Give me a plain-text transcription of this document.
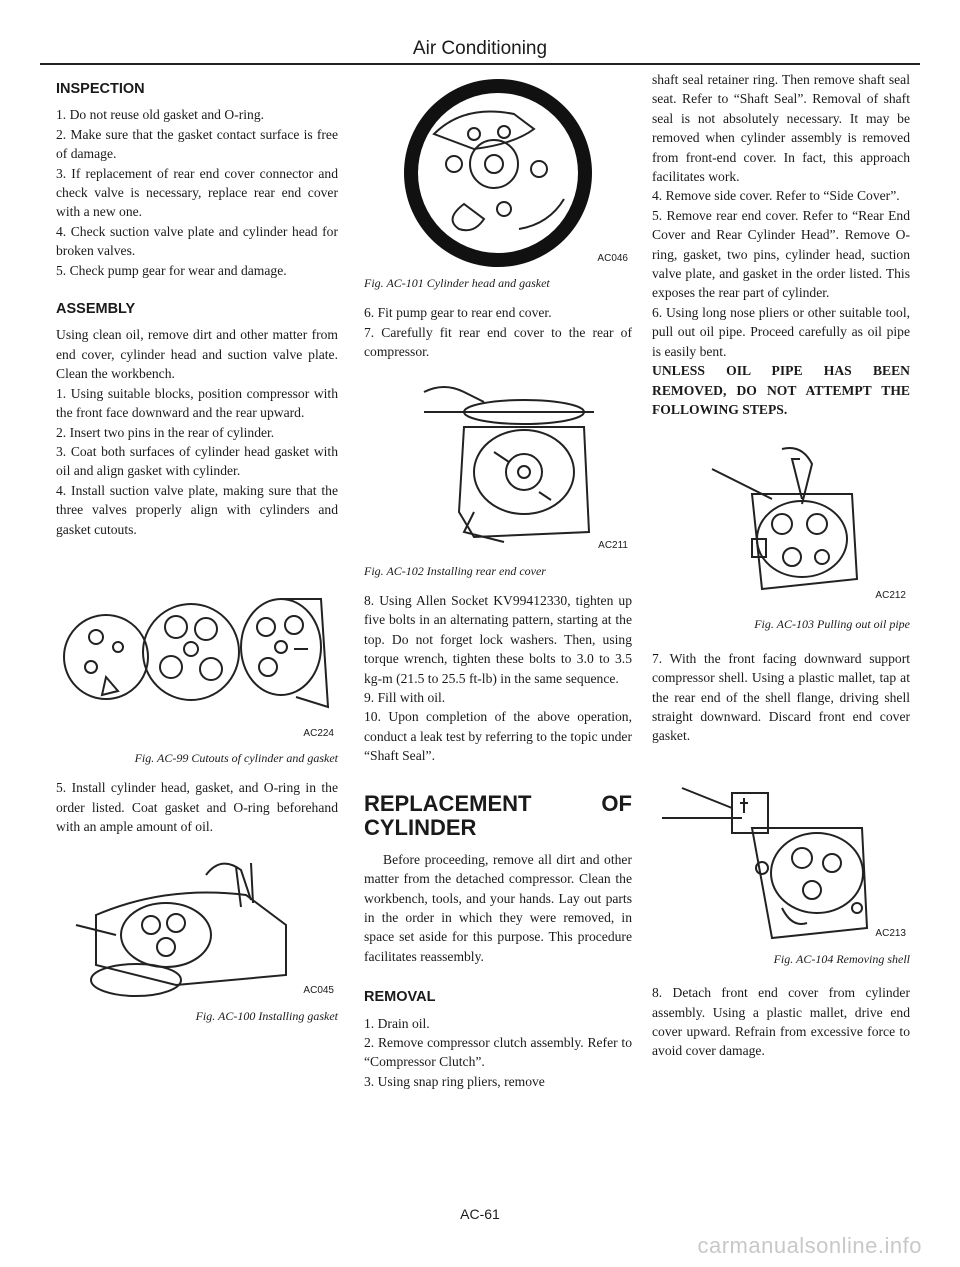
Air Conditioning
INSPECTION

1. Do not reuse old gasket and O-ring.

2. Make sure that the gasket contact surface is free of damage.

3. If replacement of rear end cover connector and check valve is necessary, replace rear end cover with a new one.

4. Check suction valve plate and cylinder head for broken valves.

5. Check pump gear for wear and damage.

ASSEMBLY

Using clean oil, remove dirt and other matter from end cover, cylinder head and suction valve plate. Clean the workbench.

1. Using suitable blocks, position compressor with the front face downward and the rear upward.

2. Insert two pins in the rear of cylinder.

3. Coat both surfaces of cylinder head gasket with oil and align gasket with cylinder.

4. Install suction valve plate, making sure that the three valves properly align with cylinders and gasket cutouts.

AC224
Fig. AC-99 Cutouts of cylinder and gasket

5. Install cylinder head, gasket, and O-ring in the order listed. Coat gasket and O-ring beforehand with an ample amount of oil.

AC045
Fig. AC-100 Installing gasket
AC046
Fig. AC-101 Cylinder head and gasket

6. Fit pump gear to rear end cover.

7. Carefully fit rear end cover to the rear of compressor.

AC211
Fig. AC-102 Installing rear end cover

8. Using Allen Socket KV99412330, tighten up five bolts in an alternating pattern, starting at the top. Do not forget lock washers. Then, using torque wrench, tighten these bolts to 3.0 to 3.5 kg-m (21.5 to 25.5 ft-lb) in the same sequence.

9. Fill with oil.

10. Upon completion of the above operation, conduct a leak test by referring to the topic under “Shaft Seal”.

REPLACEMENT OF CYLINDER

Before proceeding, remove all dirt and other matter from the detached compressor. Clean the workbench, tools, and your hands. Lay out parts in the order in which they were removed, in space set aside for this purpose. This procedure facilitates reassembly.

REMOVAL

1. Drain oil.

2. Remove compressor clutch assembly. Refer to “Compressor Clutch”.

3. Using snap ring pliers, remove

shaft seal retainer ring. Then remove shaft seal seat. Refer to “Shaft Seal”. Removal of shaft seal is not absolutely necessary. It may be removed when cylinder assembly is removed from front-end cover. In fact, this approach facilitates work.

4. Remove side cover. Refer to “Side Cover”.

5. Remove rear end cover. Refer to “Rear End Cover and Rear Cylinder Head”. Remove O-ring, gasket, two pins, cylinder head, suction valve plate, and gasket in the order listed. This exposes the rear part of cylinder.

6. Using long nose pliers or other suitable tool, pull out oil pipe. Proceed carefully as oil pipe is easily bent.

UNLESS OIL PIPE HAS BEEN REMOVED, DO NOT ATTEMPT THE FOLLOWING STEPS.

AC212
Fig. AC-103 Pulling out oil pipe

7. With the front facing downward support compressor shell. Using a plastic mallet, tap at the rear end of the shell flange, driving shell straight downward. Discard front end cover gasket.

AC213
Fig. AC-104 Removing shell

8. Detach front end cover from cylinder assembly. Using a plastic mallet, drive end cover upward. Refrain from excessive force to avoid cover damage.

AC-61
carmanualsonline.info
